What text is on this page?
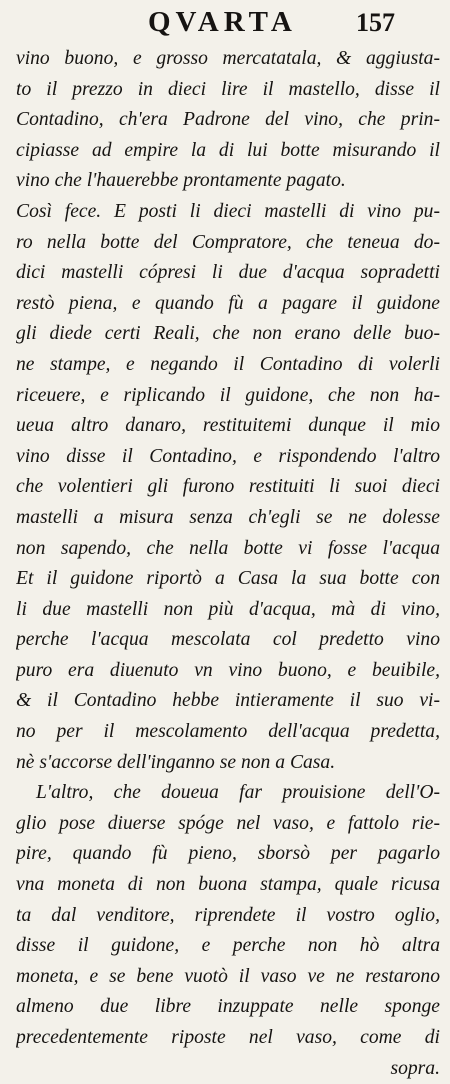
QVARTA 157
vino buono, e grosso mercatatala, & aggiusta-
to il prezzo in dieci lire il mastello, disse il
Contadino, ch'era Padrone del vino, che prin-
cipiasse ad empire la di lui botte misurando il
vino che l'hauerebbe prontamente pagato.
Così fece. E posti li dieci mastelli di vino pu-
ro nella botte del Compratore, che teneua do-
dici mastelli cópresi li due d'acqua sopradetti
restò piena, e quando fù a pagare il guidone
gli diede certi Reali, che non erano delle buo-
ne stampe, e negando il Contadino di volerli
riceuere, e riplicando il guidone, che non ha-
ueua altro danaro, restituitemi dunque il mio
vino disse il Contadino, e rispondendo l'altro
che volentieri gli furono restituiti li suoi dieci
mastelli a misura senza ch'egli se ne dolesse
non sapendo, che nella botte vi fosse l'acqua
Et il guidone riportò a Casa la sua botte con
li due mastelli non più d'acqua, mà di vino,
perche l'acqua mescolata col predetto vino
puro era diuenuto vn vino buono, e beuibile,
& il Contadino hebbe intieramente il suo vi-
no per il mescolamento dell'acqua predetta,
nè s'accorse dell'inganno se non a Casa.
L'altro, che doueua far prouisione dell'O-
glio pose diuerse spóge nel vaso, e fattolo rie-
pire, quando fù pieno, sborsò per pagarlo
vna moneta di non buona stampa, quale ricusa
ta dal venditore, riprendete il vostro oglio,
disse il guidone, e perche non hò altra
moneta, e se bene vuotò il vaso ve ne restarono
almeno due libre inzuppate nelle sponge
precedentemente riposte nel vaso, come di
sopra.
